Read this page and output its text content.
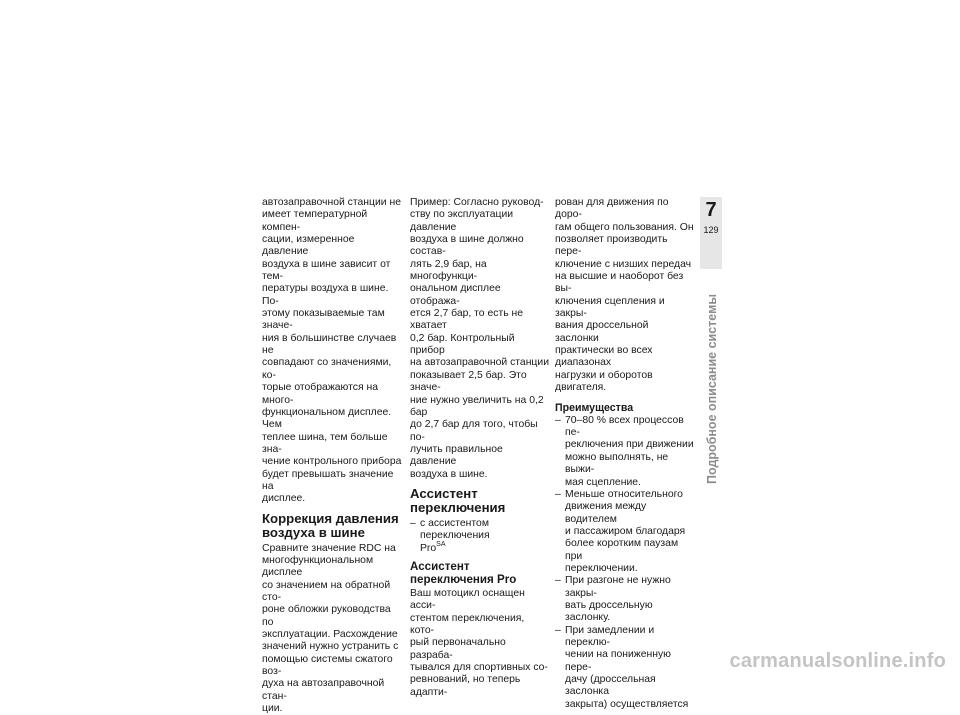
автозаправочной станции не
имеет температурной компен-
сации, измеренное давление
воздуха в шине зависит от тем-
пературы воздуха в шине. По-
этому показываемые там значе-
ния в большинстве случаев не
совпадают со значениями, ко-
торые отображаются на много-
функциональном дисплее. Чем
теплее шина, тем больше зна-
чение контрольного прибора
будет превышать значение на
дисплее.

Коррекция давления воздуха в шине

Сравните значение RDC на
многофункциональном дисплее
со значением на обратной сто-
роне обложки руководства по
эксплуатации. Расхождение
значений нужно устранить с
помощью системы сжатого воз-
духа на автозаправочной стан-
ции.

Пример: Согласно руковод-
ству по эксплуатации давление
воздуха в шине должно состав-
лять 2,9 бар, на многофункци-
ональном дисплее отобража-
ется 2,7 бар, то есть не хватает
0,2 бар. Контрольный прибор
на автозаправочной станции
показывает 2,5 бар. Это значе-
ние нужно увеличить на 0,2 бар
до 2,7 бар для того, чтобы по-
лучить правильное давление
воздуха в шине.

Ассистент переключения
– с ассистентом переключения
Pro$^{SA}$
Ассистент переключения Pro

Ваш мотоцикл оснащен асси-
стентом переключения, кото-
рый первоначально разраба-
тывался для спортивных со-
ревнований, но теперь адапти-

рован для движения по доро-
гам общего пользования. Он
позволяет производить пере-
ключение с низших передач
на высшие и наоборот без вы-
ключения сцепления и закры-
вания дроссельной заслонки
практически во всех диапазонах
нагрузки и оборотов двигателя.

Преимущества
– 70–80 % всех процессов пе-
реключения при движении
можно выполнять, не выжи-
мая сцепление.
– Меньше относительного
движения между водителем
и пассажиром благодаря
более коротким паузам при
переключении.
– При разгоне не нужно закры-
вать дроссельную заслонку.
– При замедлении и переклю-
чении на пониженную пере-
дачу (дроссельная заслонка
закрыта) осуществляется
7
129
Подробное описание системы
carmanualsonline.info
